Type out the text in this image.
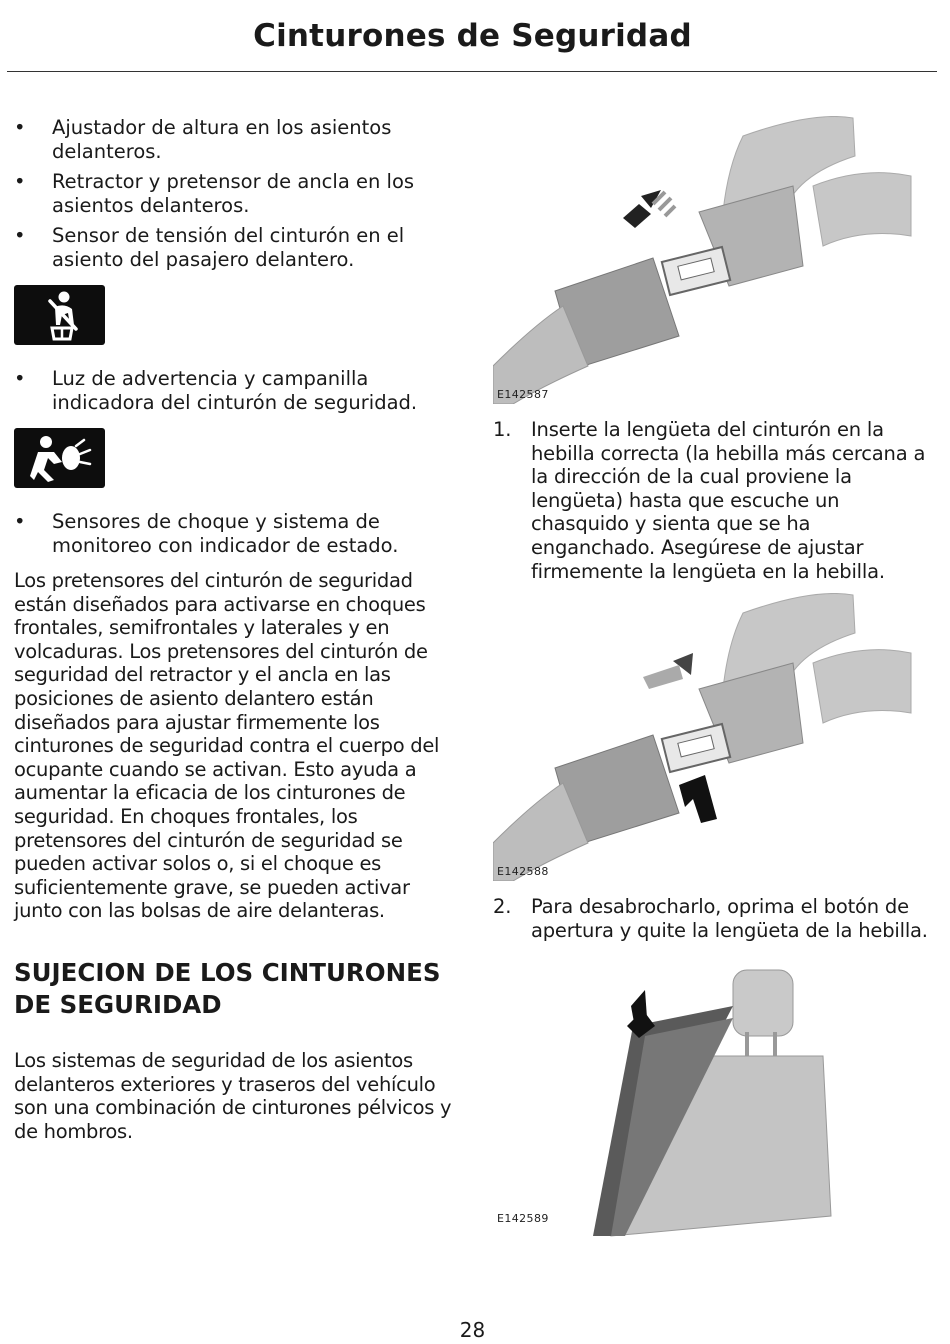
Cinturones de Seguridad
• Ajustador de altura en los asientos delanteros.
• Retractor y pretensor de ancla en los asientos delanteros.
• Sensor de tensión del cinturón en el asiento del pasajero delantero.
• Luz de advertencia y campanilla indicadora del cinturón de seguridad.
• Sensores de choque y sistema de monitoreo con indicador de estado.
Los pretensores del cinturón de seguridad están diseñados para activarse en choques frontales, semifrontales y laterales y en volcaduras. Los pretensores del cinturón de seguridad del retractor y el ancla en las posiciones de asiento delantero están diseñados para ajustar firmemente los cinturones de seguridad contra el cuerpo del ocupante cuando se activan. Esto ayuda a aumentar la eficacia de los cinturones de seguridad. En choques frontales, los pretensores del cinturón de seguridad se pueden activar solos o, si el choque es suficientemente grave, se pueden activar junto con las bolsas de aire delanteras.
SUJECION DE LOS CINTURONES DE SEGURIDAD
Los sistemas de seguridad de los asientos delanteros exteriores y traseros del vehículo son una combinación de cinturones pélvicos y de hombros.
E142587
1. Inserte la lengüeta del cinturón en la hebilla correcta (la hebilla más cercana a la dirección de la cual proviene la lengüeta) hasta que escuche un chasquido y sienta que se ha enganchado. Asegúrese de ajustar firmemente la lengüeta en la hebilla.
E142588
2. Para desabrocharlo, oprima el botón de apertura y quite la lengüeta de la hebilla.
E142589
28
